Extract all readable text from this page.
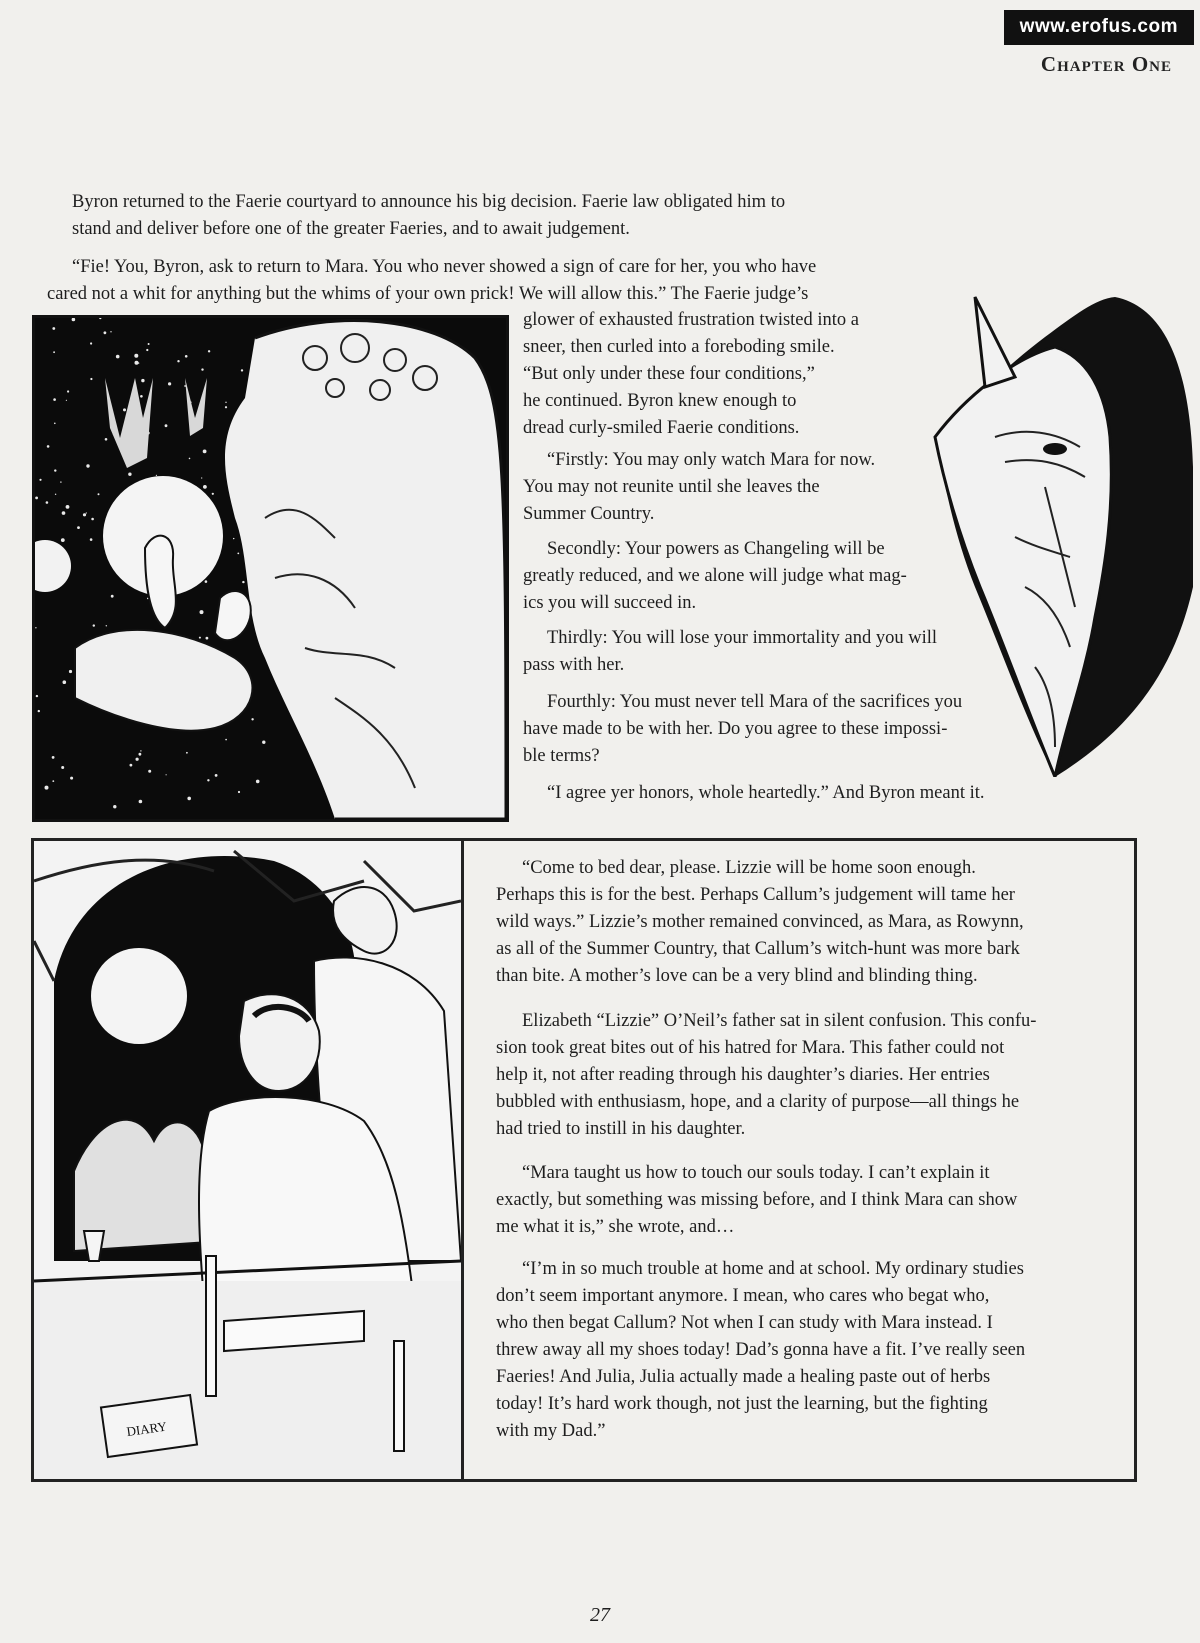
www.erofus.com
Chapter One
Byron returned to the Faerie courtyard to announce his big decision. Faerie law obligated him to
stand and deliver before one of the greater Faeries, and to await judgement.
“Fie! You, Byron, ask to return to Mara. You who never showed a sign of care for her, you who have
cared not a whit for anything but the whims of your own prick! We will allow this.” The Faerie judge’s
glower of exhausted frustration twisted into a
sneer, then curled into a foreboding smile.
“But only under these four conditions,”
he continued. Byron knew enough to
dread curly-smiled Faerie conditions.
“Firstly: You may only watch Mara for now.
You may not reunite until she leaves the
Summer Country.
Secondly: Your powers as Changeling will be
greatly reduced, and we alone will judge what mag-
ics you will succeed in.
Thirdly: You will lose your immortality and you will
pass with her.
Fourthly: You must never tell Mara of the sacrifices you
have made to be with her. Do you agree to these impossi-
ble terms?
“I agree yer honors, whole heartedly.” And Byron meant it.
DIARY
“Come to bed dear, please. Lizzie will be home soon enough.
Perhaps this is for the best. Perhaps Callum’s judgement will tame her
wild ways.” Lizzie’s mother remained convinced, as Mara, as Rowynn,
as all of the Summer Country, that Callum’s witch-hunt was more bark
than bite. A mother’s love can be a very blind and blinding thing.
Elizabeth “Lizzie” O’Neil’s father sat in silent confusion. This confu-
sion took great bites out of his hatred for Mara. This father could not
help it, not after reading through his daughter’s diaries. Her entries
bubbled with enthusiasm, hope, and a clarity of purpose—all things he
had tried to instill in his daughter.
“Mara taught us how to touch our souls today. I can’t explain it
exactly, but something was missing before, and I think Mara can show
me what it is,” she wrote, and…
“I’m in so much trouble at home and at school. My ordinary studies
don’t seem important anymore. I mean, who cares who begat who,
who then begat Callum? Not when I can study with Mara instead. I
threw away all my shoes today! Dad’s gonna have a fit. I’ve really seen
Faeries! And Julia, Julia actually made a healing paste out of herbs
today! It’s hard work though, not just the learning, but the fighting
with my Dad.”
27
